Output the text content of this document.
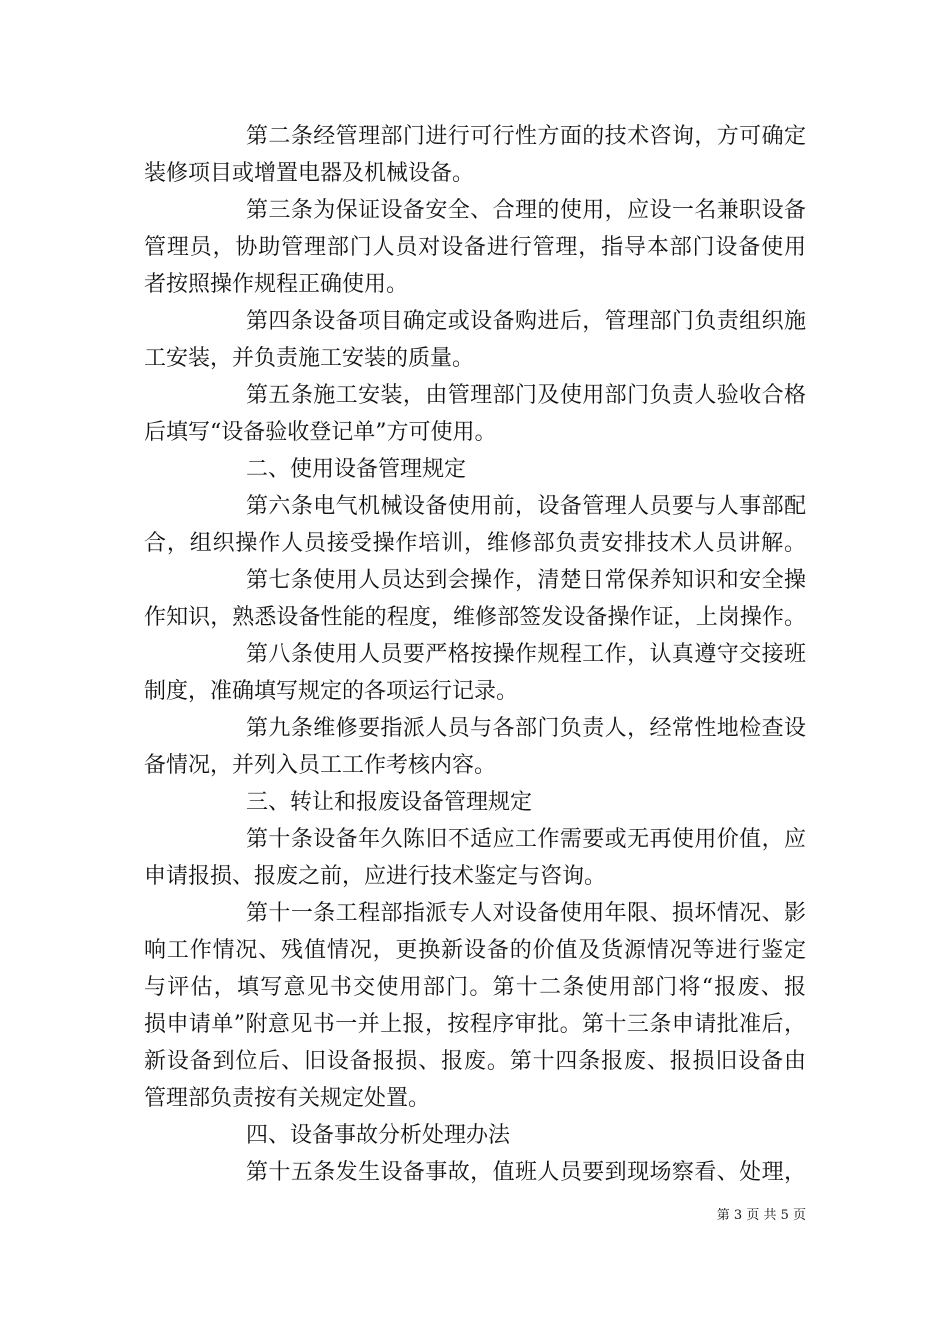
第二条经管理部门进行可行性方面的技术咨询，方可确定
装修项目或增置电器及机械设备。
第三条为保证设备安全、合理的使用，应设一名兼职设备
管理员，协助管理部门人员对设备进行管理，指导本部门设备使用
者按照操作规程正确使用。
第四条设备项目确定或设备购进后，管理部门负责组织施
工安装，并负责施工安装的质量。
第五条施工安装，由管理部门及使用部门负责人验收合格
后填写“设备验收登记单”方可使用。
二、使用设备管理规定
第六条电气机械设备使用前，设备管理人员要与人事部配
合，组织操作人员接受操作培训，维修部负责安排技术人员讲解。
第七条使用人员达到会操作，清楚日常保养知识和安全操
作知识，熟悉设备性能的程度，维修部签发设备操作证，上岗操作。
第八条使用人员要严格按操作规程工作，认真遵守交接班
制度，准确填写规定的各项运行记录。
第九条维修要指派人员与各部门负责人，经常性地检查设
备情况，并列入员工工作考核内容。
三、转让和报废设备管理规定
第十条设备年久陈旧不适应工作需要或无再使用价值，应
申请报损、报废之前，应进行技术鉴定与咨询。
第十一条工程部指派专人对设备使用年限、损坏情况、影
响工作情况、残值情况，更换新设备的价值及货源情况等进行鉴定
与评估，填写意见书交使用部门。第十二条使用部门将“报废、报
损申请单”附意见书一并上报，按程序审批。第十三条申请批准后，
新设备到位后、旧设备报损、报废。第十四条报废、报损旧设备由
管理部负责按有关规定处置。
四、设备事故分析处理办法
第十五条发生设备事故，值班人员要到现场察看、处理，
第 3 页 共 5 页
